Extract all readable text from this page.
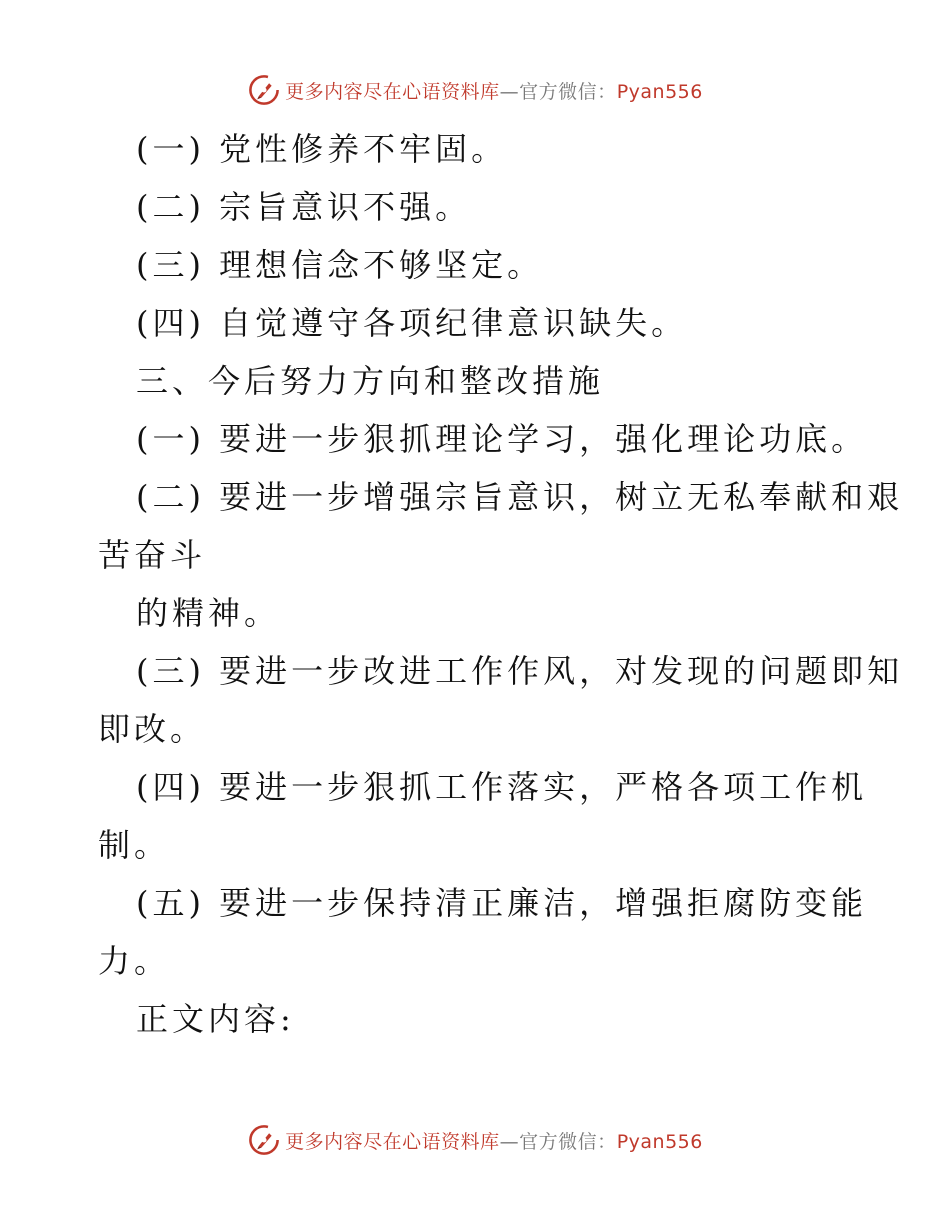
更多内容尽在心语资料库—官方微信：Pyan556
(一) 党性修养不牢固。
(二) 宗旨意识不强。
(三) 理想信念不够坚定。
(四) 自觉遵守各项纪律意识缺失。
三、今后努力方向和整改措施
(一) 要进一步狠抓理论学习，强化理论功底。
(二) 要进一步增强宗旨意识，树立无私奉献和艰
苦奋斗
的精神。
(三) 要进一步改进工作作风，对发现的问题即知
即改。
(四) 要进一步狠抓工作落实，严格各项工作机
制。
(五) 要进一步保持清正廉洁，增强拒腐防变能
力。
正文内容:
更多内容尽在心语资料库—官方微信：Pyan556
